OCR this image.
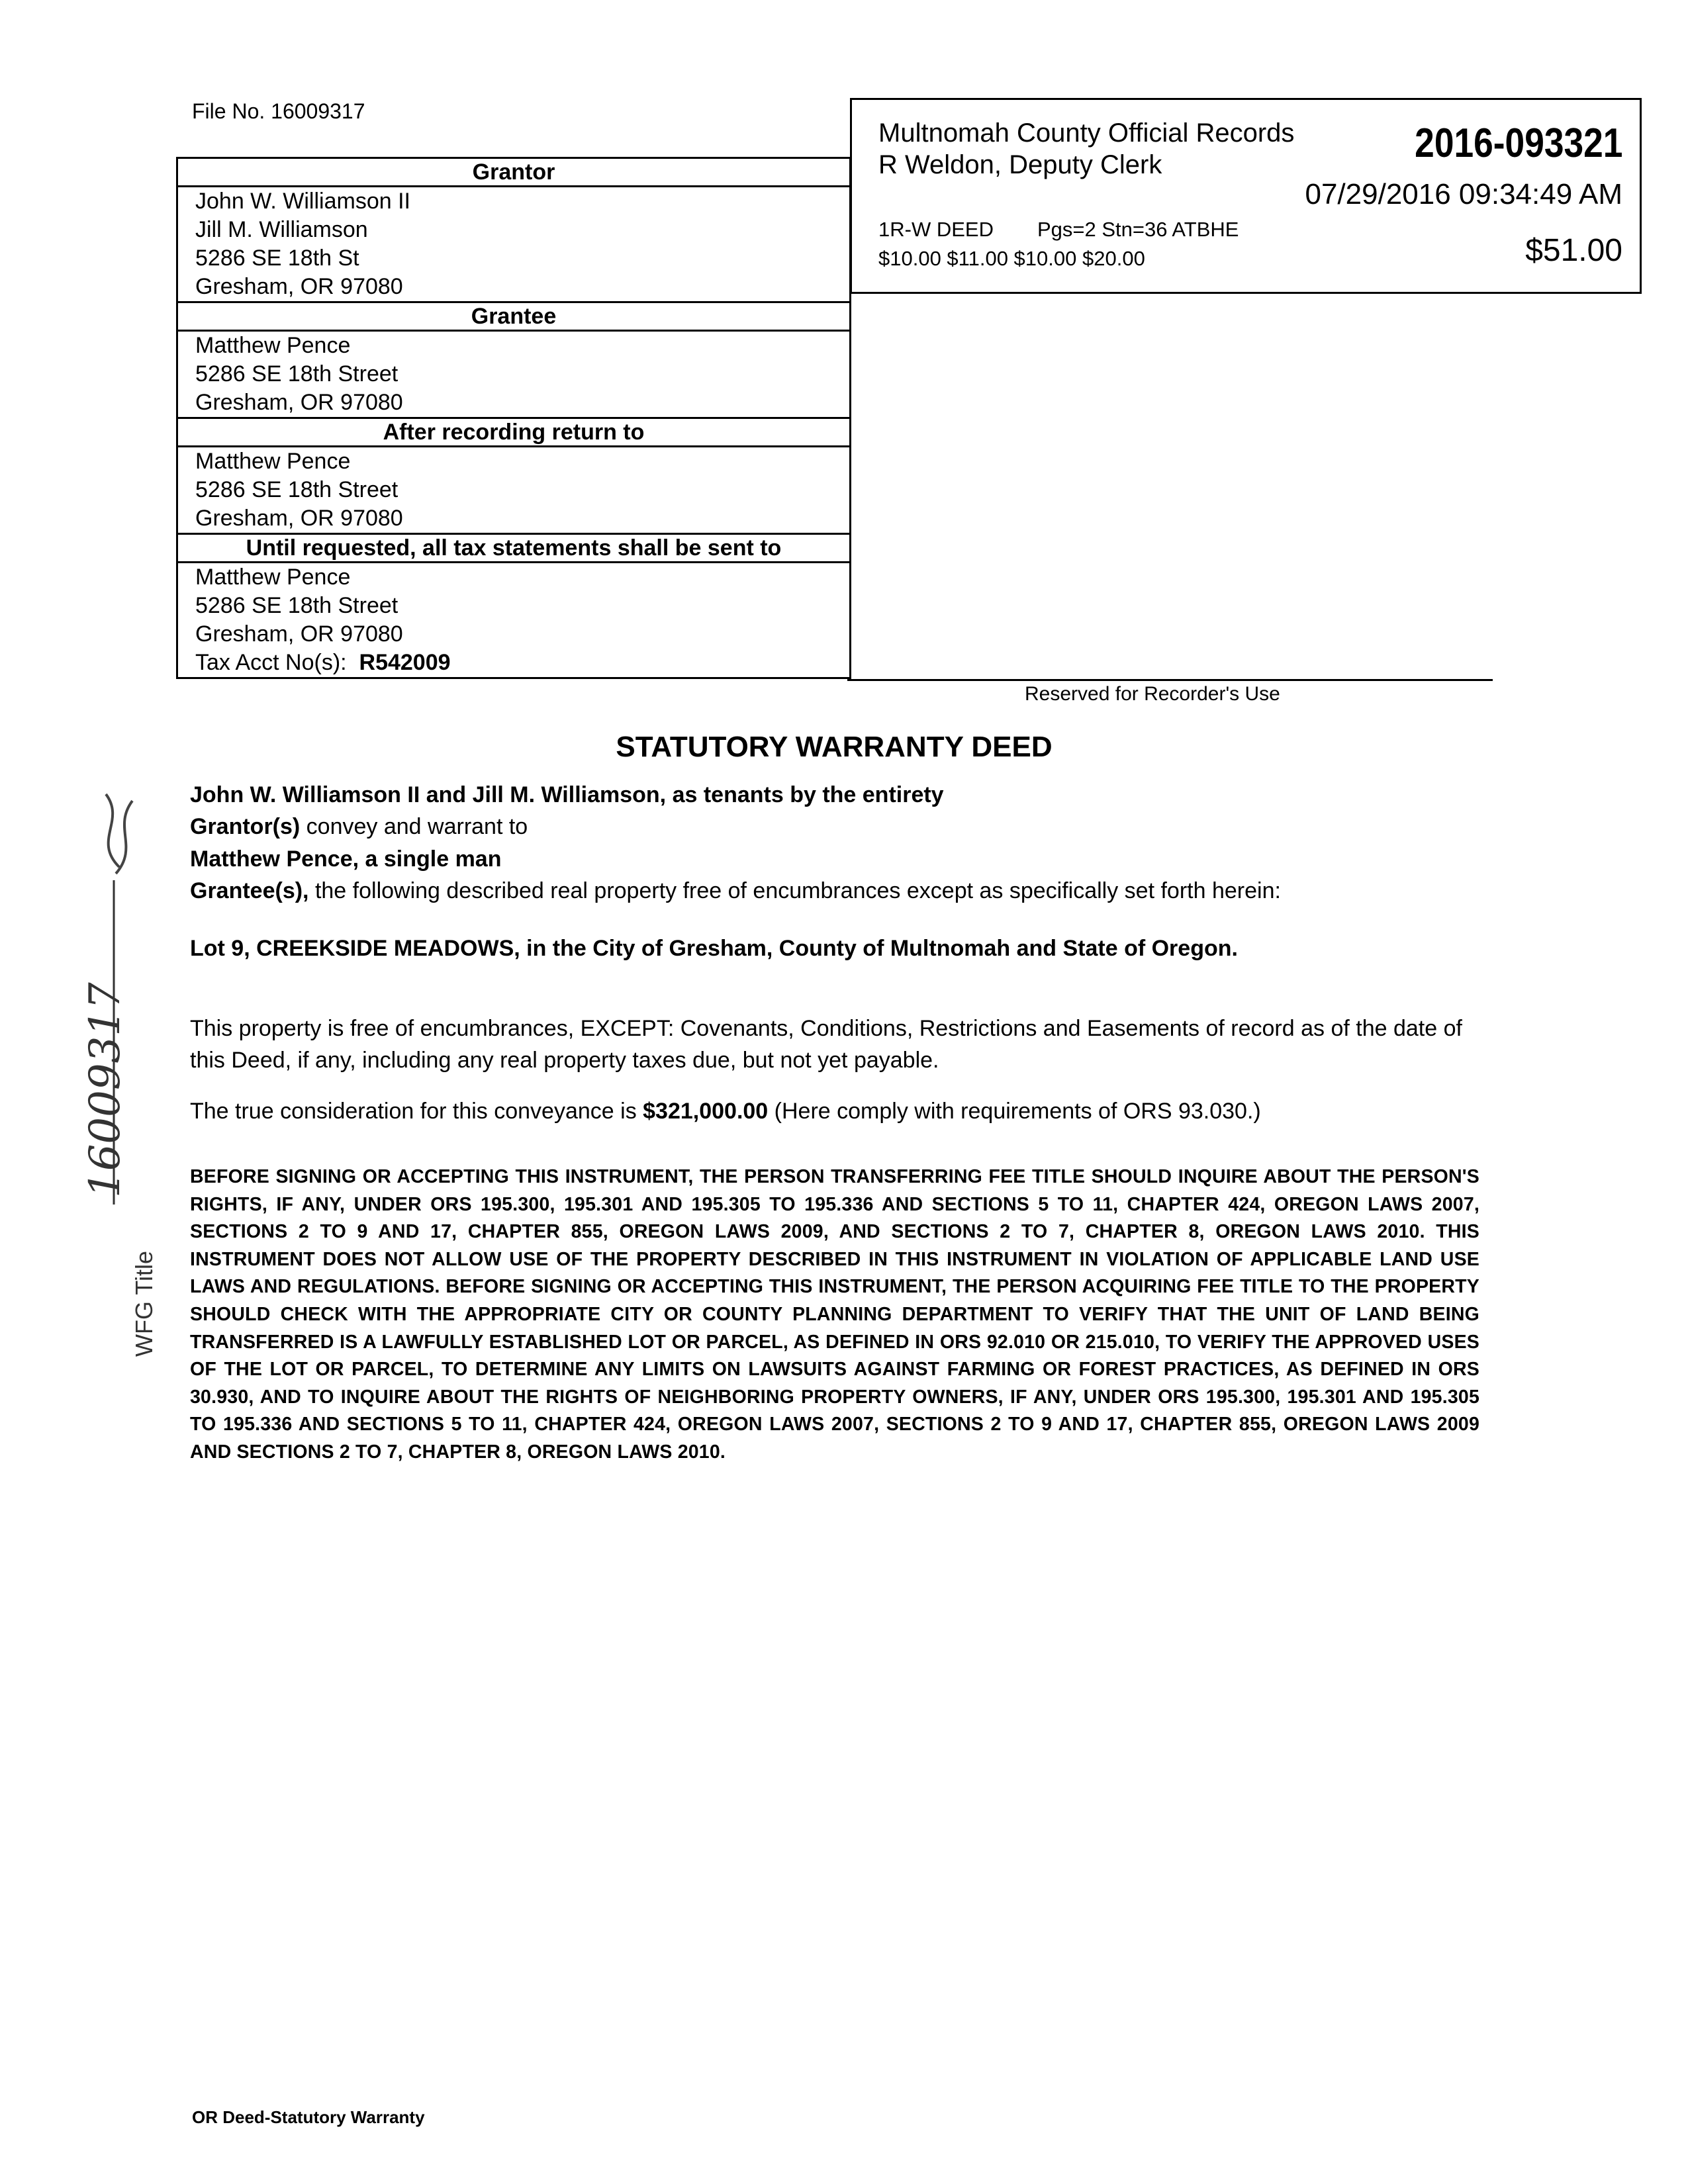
File No. 16009317
Grantor
John W. Williamson II
Jill M. Williamson
5286 SE 18th St
Gresham, OR 97080
Grantee
Matthew Pence
5286 SE 18th Street
Gresham, OR 97080
After recording return to
Matthew Pence
5286 SE 18th Street
Gresham, OR 97080
Until requested, all tax statements shall be sent to
Matthew Pence
5286 SE 18th Street
Gresham, OR 97080
Tax Acct No(s): R542009
Multnomah County Official Records
R Weldon, Deputy Clerk	2016-093321
07/29/2016 09:34:49 AM
1R-W DEED Pgs=2 Stn=36 ATBHE
$10.00 $11.00 $10.00 $20.00	$51.00
Reserved for Recorder's Use
STATUTORY WARRANTY DEED
John W. Williamson II and Jill M. Williamson, as tenants by the entirety
Grantor(s) convey and warrant to
Matthew Pence, a single man
Grantee(s), the following described real property free of encumbrances except as specifically set forth herein:
Lot 9, CREEKSIDE MEADOWS, in the City of Gresham, County of Multnomah and State of Oregon.
This property is free of encumbrances, EXCEPT: Covenants, Conditions, Restrictions and Easements of record as of the date of this Deed, if any, including any real property taxes due, but not yet payable.
The true consideration for this conveyance is $321,000.00 (Here comply with requirements of ORS 93.030.)
BEFORE SIGNING OR ACCEPTING THIS INSTRUMENT, THE PERSON TRANSFERRING FEE TITLE SHOULD INQUIRE ABOUT THE PERSON'S RIGHTS, IF ANY, UNDER ORS 195.300, 195.301 AND 195.305 TO 195.336 AND SECTIONS 5 TO 11, CHAPTER 424, OREGON LAWS 2007, SECTIONS 2 TO 9 AND 17, CHAPTER 855, OREGON LAWS 2009, AND SECTIONS 2 TO 7, CHAPTER 8, OREGON LAWS 2010. THIS INSTRUMENT DOES NOT ALLOW USE OF THE PROPERTY DESCRIBED IN THIS INSTRUMENT IN VIOLATION OF APPLICABLE LAND USE LAWS AND REGULATIONS. BEFORE SIGNING OR ACCEPTING THIS INSTRUMENT, THE PERSON ACQUIRING FEE TITLE TO THE PROPERTY SHOULD CHECK WITH THE APPROPRIATE CITY OR COUNTY PLANNING DEPARTMENT TO VERIFY THAT THE UNIT OF LAND BEING TRANSFERRED IS A LAWFULLY ESTABLISHED LOT OR PARCEL, AS DEFINED IN ORS 92.010 OR 215.010, TO VERIFY THE APPROVED USES OF THE LOT OR PARCEL, TO DETERMINE ANY LIMITS ON LAWSUITS AGAINST FARMING OR FOREST PRACTICES, AS DEFINED IN ORS 30.930, AND TO INQUIRE ABOUT THE RIGHTS OF NEIGHBORING PROPERTY OWNERS, IF ANY, UNDER ORS 195.300, 195.301 AND 195.305 TO 195.336 AND SECTIONS 5 TO 11, CHAPTER 424, OREGON LAWS 2007, SECTIONS 2 TO 9 AND 17, CHAPTER 855, OREGON LAWS 2009 AND SECTIONS 2 TO 7, CHAPTER 8, OREGON LAWS 2010.
16009317
WFG Title
OR Deed-Statutory Warranty
